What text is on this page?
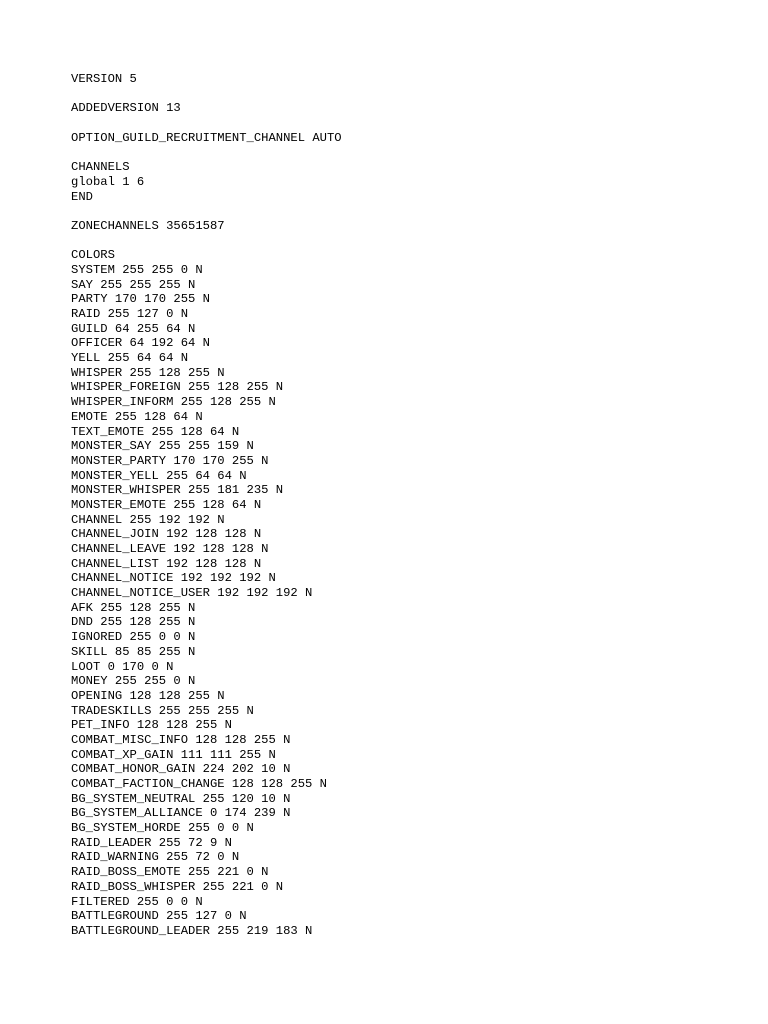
VERSION 5
ADDEDVERSION 13
OPTION_GUILD_RECRUITMENT_CHANNEL AUTO
CHANNELS
global 1 6
END
ZONECHANNELS 35651587
COLORS
SYSTEM 255 255 0 N
SAY 255 255 255 N
PARTY 170 170 255 N
RAID 255 127 0 N
GUILD 64 255 64 N
OFFICER 64 192 64 N
YELL 255 64 64 N
WHISPER 255 128 255 N
WHISPER_FOREIGN 255 128 255 N
WHISPER_INFORM 255 128 255 N
EMOTE 255 128 64 N
TEXT_EMOTE 255 128 64 N
MONSTER_SAY 255 255 159 N
MONSTER_PARTY 170 170 255 N
MONSTER_YELL 255 64 64 N
MONSTER_WHISPER 255 181 235 N
MONSTER_EMOTE 255 128 64 N
CHANNEL 255 192 192 N
CHANNEL_JOIN 192 128 128 N
CHANNEL_LEAVE 192 128 128 N
CHANNEL_LIST 192 128 128 N
CHANNEL_NOTICE 192 192 192 N
CHANNEL_NOTICE_USER 192 192 192 N
AFK 255 128 255 N
DND 255 128 255 N
IGNORED 255 0 0 N
SKILL 85 85 255 N
LOOT 0 170 0 N
MONEY 255 255 0 N
OPENING 128 128 255 N
TRADESKILLS 255 255 255 N
PET_INFO 128 128 255 N
COMBAT_MISC_INFO 128 128 255 N
COMBAT_XP_GAIN 111 111 255 N
COMBAT_HONOR_GAIN 224 202 10 N
COMBAT_FACTION_CHANGE 128 128 255 N
BG_SYSTEM_NEUTRAL 255 120 10 N
BG_SYSTEM_ALLIANCE 0 174 239 N
BG_SYSTEM_HORDE 255 0 0 N
RAID_LEADER 255 72 9 N
RAID_WARNING 255 72 0 N
RAID_BOSS_EMOTE 255 221 0 N
RAID_BOSS_WHISPER 255 221 0 N
FILTERED 255 0 0 N
BATTLEGROUND 255 127 0 N
BATTLEGROUND_LEADER 255 219 183 N
